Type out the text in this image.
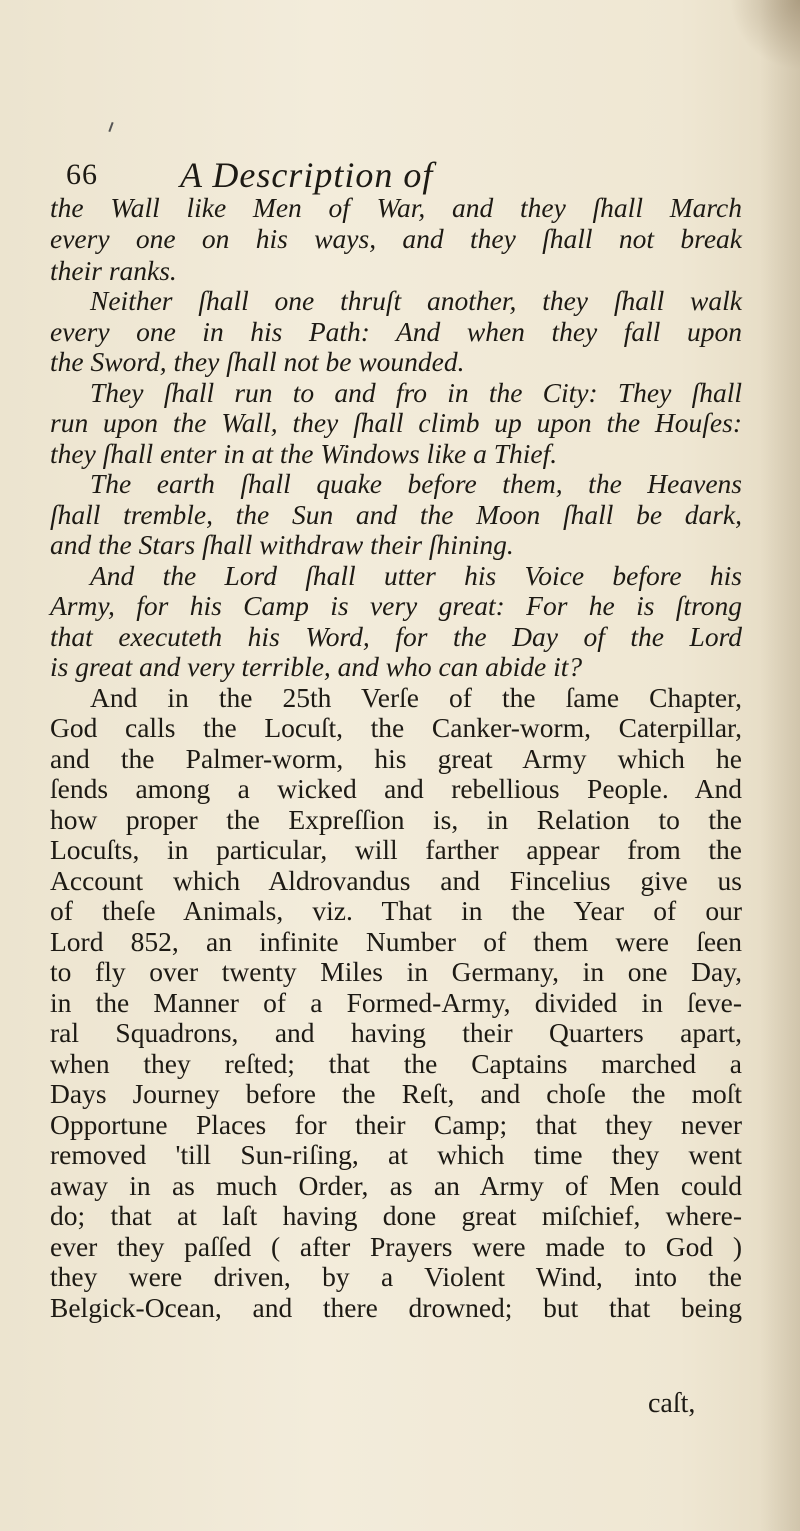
66 A Description of
the Wall like Men of War, and they ſhall March
every one on his ways, and they ſhall not break
their ranks.
Neither ſhall one thruſt another, they ſhall walk
every one in his Path: And when they fall upon
the Sword, they ſhall not be wounded.
They ſhall run to and fro in the City: They ſhall
run upon the Wall, they ſhall climb up upon the Houſes:
they ſhall enter in at the Windows like a Thief.
The earth ſhall quake before them, the Heavens
ſhall tremble, the Sun and the Moon ſhall be dark,
and the Stars ſhall withdraw their ſhining.
And the Lord ſhall utter his Voice before his
Army, for his Camp is very great: For he is ſtrong
that executeth his Word, for the Day of the Lord
is great and very terrible, and who can abide it?
And in the 25th Verſe of the ſame Chapter,
God calls the Locuſt, the Canker-worm, Caterpillar,
and the Palmer-worm, his great Army which he
ſends among a wicked and rebellious People. And
how proper the Expreſſion is, in Relation to the
Locuſts, in particular, will farther appear from the
Account which Aldrovandus and Fincelius give us
of theſe Animals, viz. That in the Year of our
Lord 852, an infinite Number of them were ſeen
to fly over twenty Miles in Germany, in one Day,
in the Manner of a Formed-Army, divided in ſeve-
ral Squadrons, and having their Quarters apart,
when they reſted; that the Captains marched a
Days Journey before the Reſt, and choſe the moſt
Opportune Places for their Camp; that they never
removed 'till Sun-riſing, at which time they went
away in as much Order, as an Army of Men could
do; that at laſt having done great miſchief, where-
ever they paſſed ( after Prayers were made to God )
they were driven, by a Violent Wind, into the
Belgick-Ocean, and there drowned; but that being
caſt,
